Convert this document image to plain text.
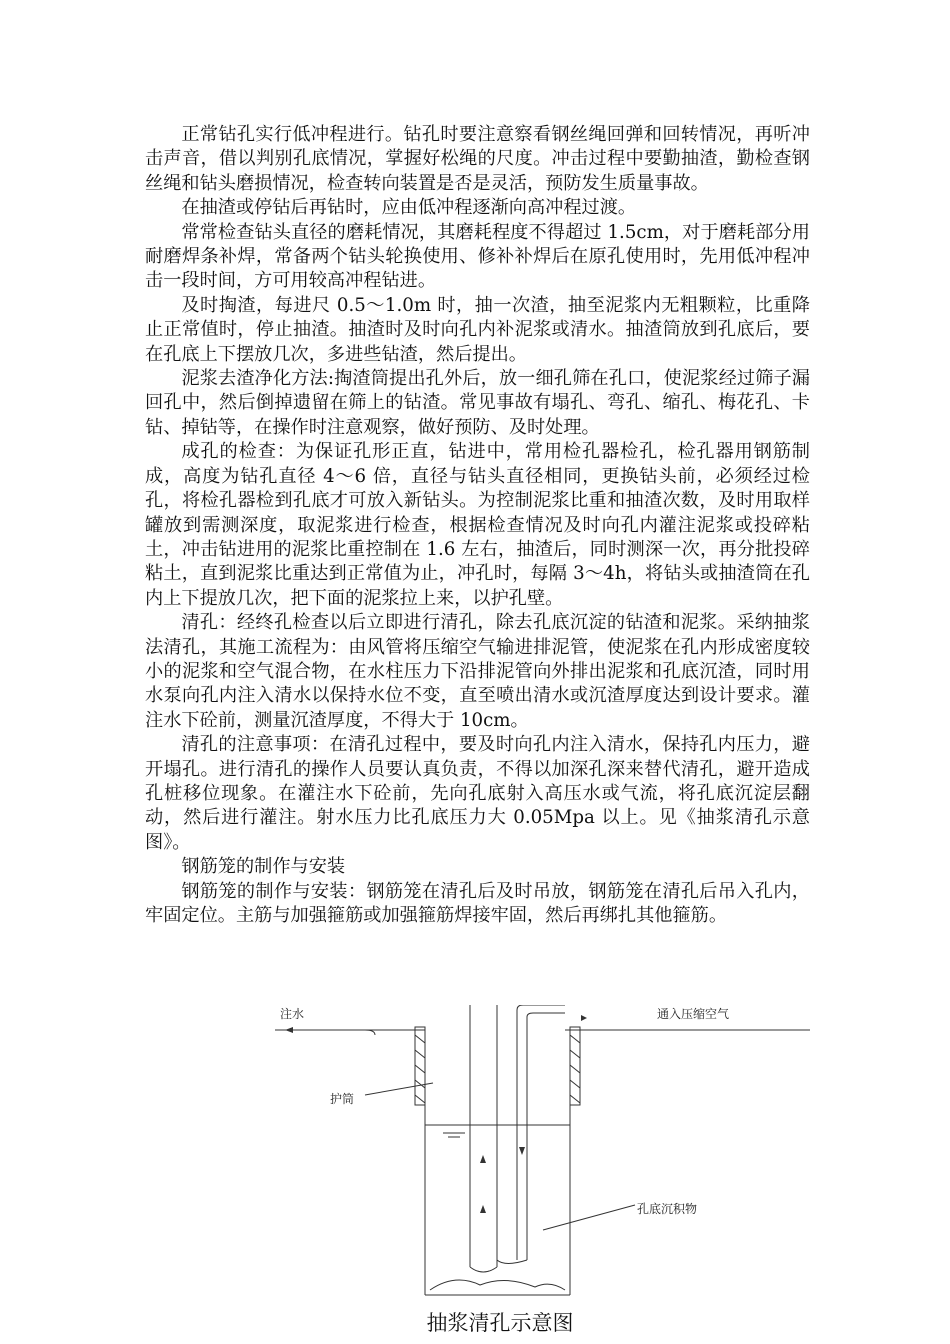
正常钻孔实行低冲程进行。钻孔时要注意察看钢丝绳回弹和回转情况，再听冲击声音，借以判别孔底情况，掌握好松绳的尺度。冲击过程中要勤抽渣，勤检查钢丝绳和钻头磨损情况，检查转向装置是否是灵活，预防发生质量事故。

在抽渣或停钻后再钻时，应由低冲程逐渐向高冲程过渡。

常常检查钻头直径的磨耗情况，其磨耗程度不得超过 1.5cm，对于磨耗部分用耐磨焊条补焊，常备两个钻头轮换使用、修补补焊后在原孔使用时，先用低冲程冲击一段时间，方可用较高冲程钻进。

及时掏渣，每进尺 0.5～1.0m 时，抽一次渣，抽至泥浆内无粗颗粒，比重降止正常值时，停止抽渣。抽渣时及时向孔内补泥浆或清水。抽渣筒放到孔底后，要在孔底上下摆放几次，多进些钻渣，然后提出。

泥浆去渣净化方法:掏渣筒提出孔外后，放一细孔筛在孔口，使泥浆经过筛子漏回孔中，然后倒掉遗留在筛上的钻渣。常见事故有塌孔、弯孔、缩孔、梅花孔、卡钻、掉钻等，在操作时注意观察，做好预防、及时处理。

成孔的检查：为保证孔形正直，钻进中，常用检孔器检孔，检孔器用钢筋制成，高度为钻孔直径 4～6 倍，直径与钻头直径相同，更换钻头前，必须经过检孔，将检孔器检到孔底才可放入新钻头。为控制泥浆比重和抽渣次数，及时用取样罐放到需测深度，取泥浆进行检查，根据检查情况及时向孔内灌注泥浆或投碎粘土，冲击钻进用的泥浆比重控制在 1.6 左右，抽渣后，同时测深一次，再分批投碎粘土，直到泥浆比重达到正常值为止，冲孔时，每隔 3～4h，将钻头或抽渣筒在孔内上下提放几次，把下面的泥浆拉上来，以护孔壁。

清孔：经终孔检查以后立即进行清孔，除去孔底沉淀的钻渣和泥浆。采纳抽浆法清孔，其施工流程为：由风管将压缩空气输进排泥管，使泥浆在孔内形成密度较小的泥浆和空气混合物，在水柱压力下沿排泥管向外排出泥浆和孔底沉渣，同时用水泵向孔内注入清水以保持水位不变，直至喷出清水或沉渣厚度达到设计要求。灌注水下砼前，测量沉渣厚度，不得大于 10cm。

清孔的注意事项：在清孔过程中，要及时向孔内注入清水，保持孔内压力，避开塌孔。进行清孔的操作人员要认真负责，不得以加深孔深来替代清孔，避开造成孔桩移位现象。在灌注水下砼前，先向孔底射入高压水或气流，将孔底沉淀层翻动，然后进行灌注。射水压力比孔底压力大 0.05Mpa 以上。见《抽浆清孔示意图》。

钢筋笼的制作与安装

钢筋笼的制作与安装：钢筋笼在清孔后及时吊放，钢筋笼在清孔后吊入孔内，牢固定位。主筋与加强箍筋或加强箍筋焊接牢固，然后再绑扎其他箍筋。

注水	通入压缩空气
护筒
孔底沉积物
抽浆清孔示意图
